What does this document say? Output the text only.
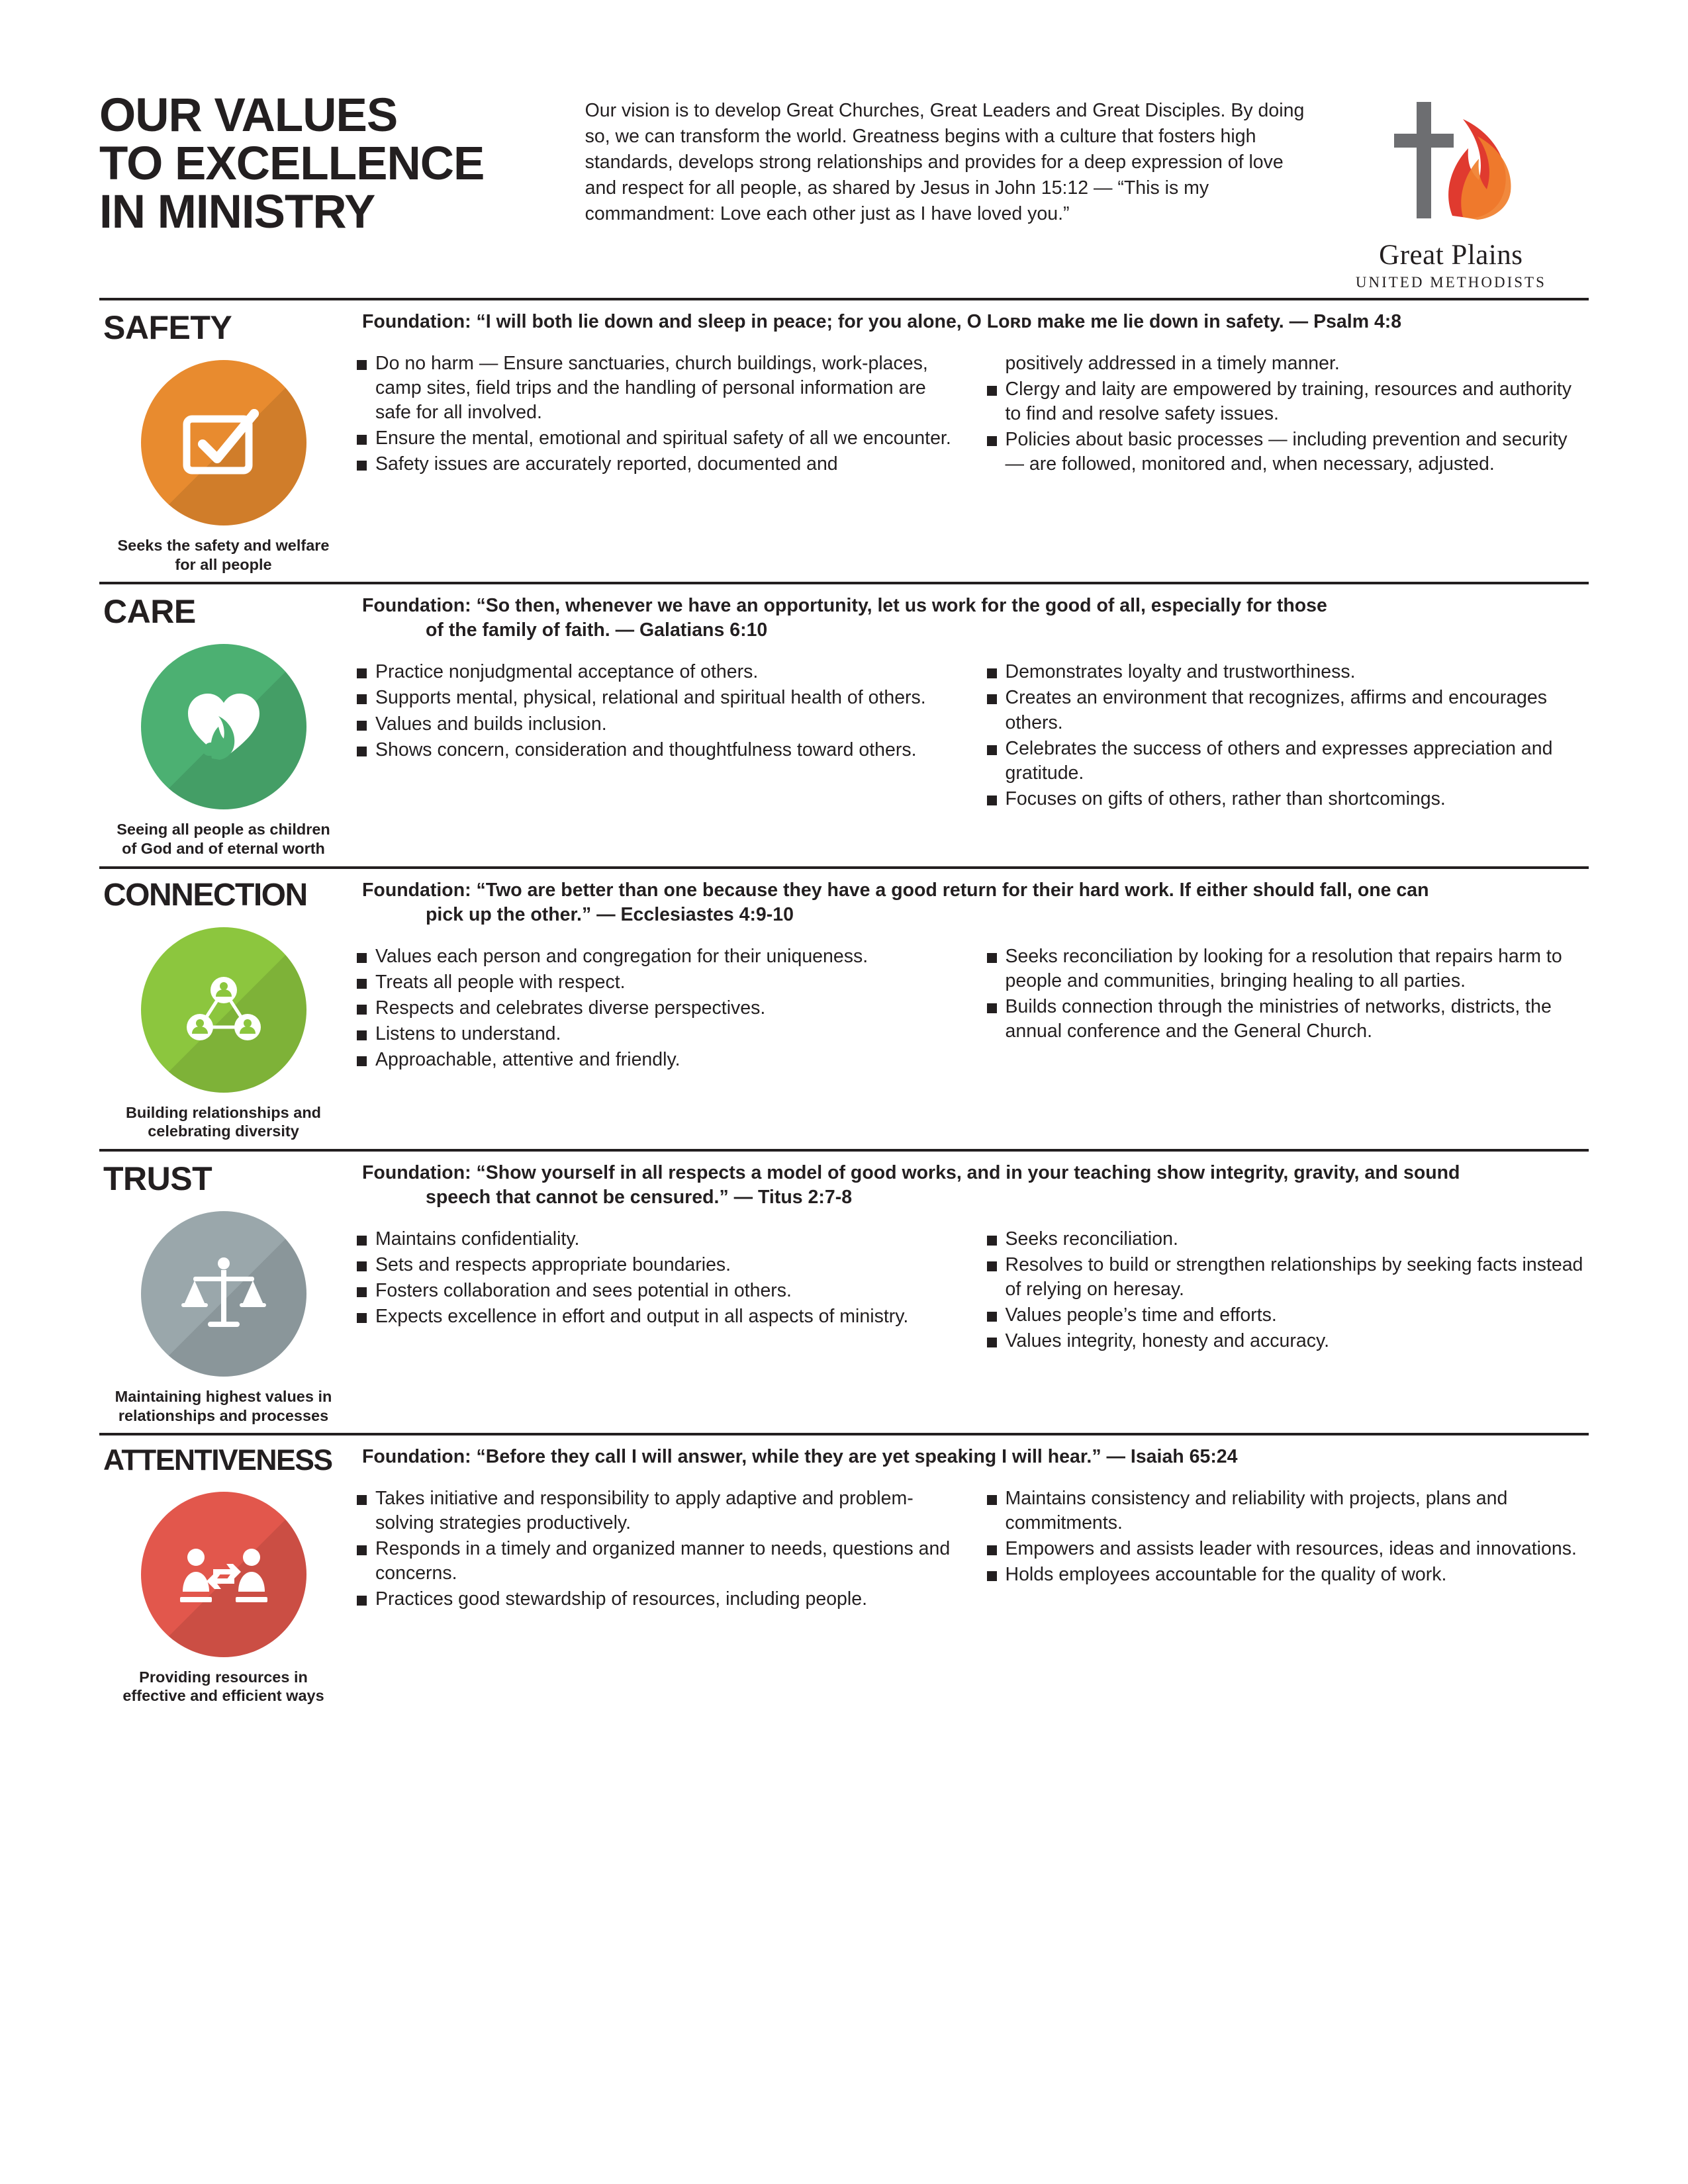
OUR VALUES
TO EXCELLENCE
IN MINISTRY
Our vision is to develop Great Churches, Great Leaders and Great Disciples. By doing so, we can transform the world. Greatness begins with a culture that fosters high standards, develops strong relationships and provides for a deep expression of love and respect for all people, as shared by Jesus in John 15:12 — “This is my commandment: Love each other just as I have loved you.”
Great Plains
UNITED METHODISTS
SAFETY
Seeks the safety and welfare for all people
Foundation: “I will both lie down and sleep in peace; for you alone, O Lᴏʀᴅ make me lie down in safety. — Psalm 4:8
Do no harm — Ensure sanctuaries, church buildings, work-places, camp sites, field trips and the handling of personal information are safe for all involved.
Ensure the mental, emotional and spiritual safety of all we encounter.
Safety issues are accurately reported, documented and
positively addressed in a timely manner.
Clergy and laity are empowered by training, resources and authority to find and resolve safety issues.
Policies about basic processes — including prevention and security — are followed, monitored and, when necessary, adjusted.
CARE
Seeing all people as children of God and of eternal worth
Foundation: “So then, whenever we have an opportunity, let us work for the good of all, especially for those
of the family of faith. — Galatians 6:10
Practice nonjudgmental acceptance of others.
Supports mental, physical, relational and spiritual health of others.
Values and builds inclusion.
Shows concern, consideration and thoughtfulness toward others.
Demonstrates loyalty and trustworthiness.
Creates an environment that recognizes, affirms and encourages others.
Celebrates the success of others and expresses appreciation and gratitude.
Focuses on gifts of others, rather than shortcomings.
CONNECTION
Building relationships and celebrating diversity
Foundation: “Two are better than one because they have a good return for their hard work. If either should fall, one can
pick up the other.” — Ecclesiastes 4:9-10
Values each person and congregation for their uniqueness.
Treats all people with respect.
Respects and celebrates diverse perspectives.
Listens to understand.
Approachable, attentive and friendly.
Seeks reconciliation by looking for a resolution that repairs harm to people and communities, bringing healing to all parties.
Builds connection through the ministries of networks, districts, the annual conference and the General Church.
TRUST
Maintaining highest values in relationships and processes
Foundation: “Show yourself in all respects a model of good works, and in your teaching show integrity, gravity, and sound
speech that cannot be censured.” — Titus 2:7-8
Maintains confidentiality.
Sets and respects appropriate boundaries.
Fosters collaboration and sees potential in others.
Expects excellence in effort and output in all aspects of ministry.
Seeks reconciliation.
Resolves to build or strengthen relationships by seeking facts instead of relying on heresay.
Values people’s time and efforts.
Values integrity, honesty and accuracy.
ATTENTIVENESS
Providing resources in effective and efficient ways
Foundation: “Before they call I will answer, while they are yet speaking I will hear.” — Isaiah 65:24
Takes initiative and responsibility to apply adaptive and problem-solving strategies productively.
Responds in a timely and organized manner to needs, questions and concerns.
Practices good stewardship of resources, including people.
Maintains consistency and reliability with projects, plans and commitments.
Empowers and assists leader with resources, ideas and innovations.
Holds employees accountable for the quality of work.
